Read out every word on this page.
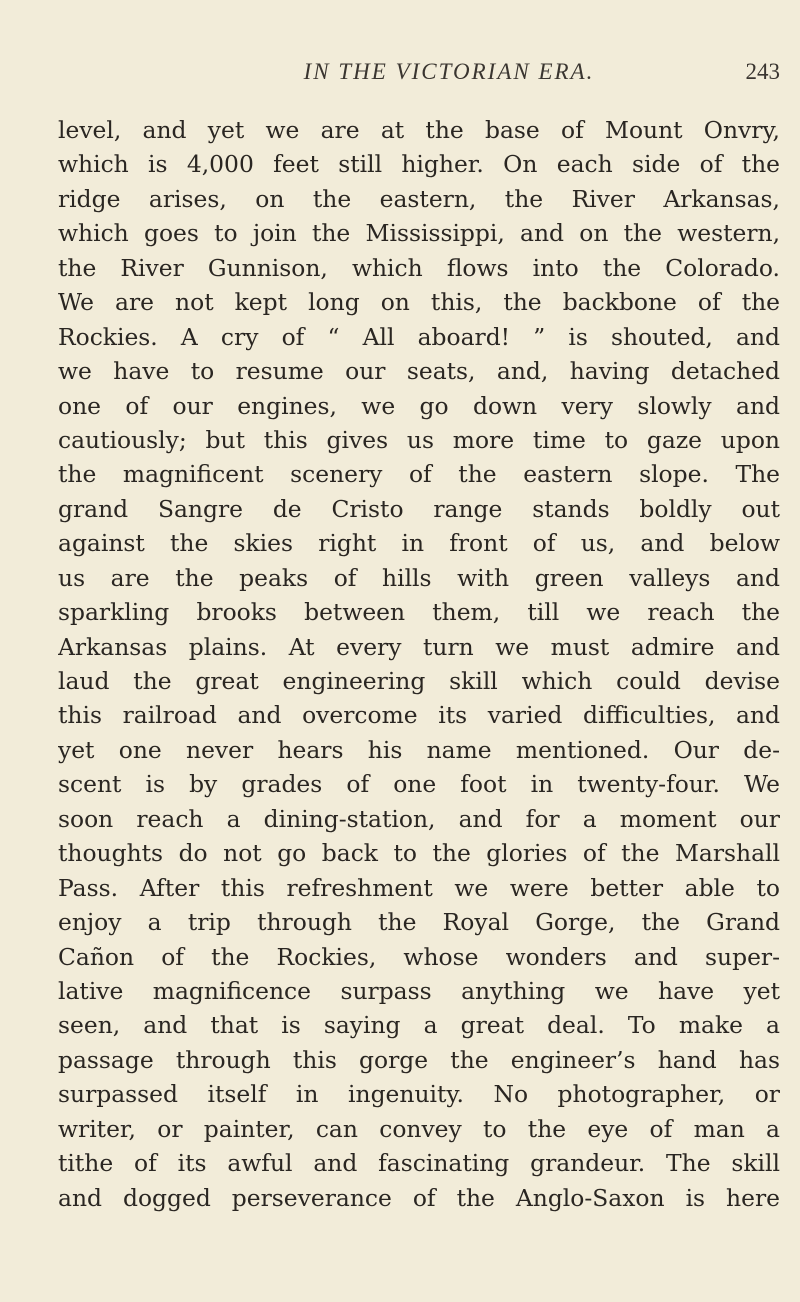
IN THE VICTORIAN ERA.	243
level, and yet we are at the base of Mount Onvry,
which is 4,000 feet still higher. On each side of the
ridge arises, on the eastern, the River Arkansas,
which goes to join the Mississippi, and on the western,
the River Gunnison, which flows into the Colorado.
We are not kept long on this, the backbone of the
Rockies. A cry of “ All aboard! ” is shouted, and
we have to resume our seats, and, having detached
one of our engines, we go down very slowly and
cautiously; but this gives us more time to gaze upon
the magnificent scenery of the eastern slope. The
grand Sangre de Cristo range stands boldly out
against the skies right in front of us, and below
us are the peaks of hills with green valleys and
sparkling brooks between them, till we reach the
Arkansas plains. At every turn we must admire and
laud the great engineering skill which could devise
this railroad and overcome its varied difficulties, and
yet one never hears his name mentioned. Our de-
scent is by grades of one foot in twenty-four. We
soon reach a dining-station, and for a moment our
thoughts do not go back to the glories of the Marshall
Pass. After this refreshment we were better able to
enjoy a trip through the Royal Gorge, the Grand
Cañon of the Rockies, whose wonders and super-
lative magnificence surpass anything we have yet
seen, and that is saying a great deal. To make a
passage through this gorge the engineer’s hand has
surpassed itself in ingenuity. No photographer, or
writer, or painter, can convey to the eye of man a
tithe of its awful and fascinating grandeur. The skill
and dogged perseverance of the Anglo-Saxon is here
